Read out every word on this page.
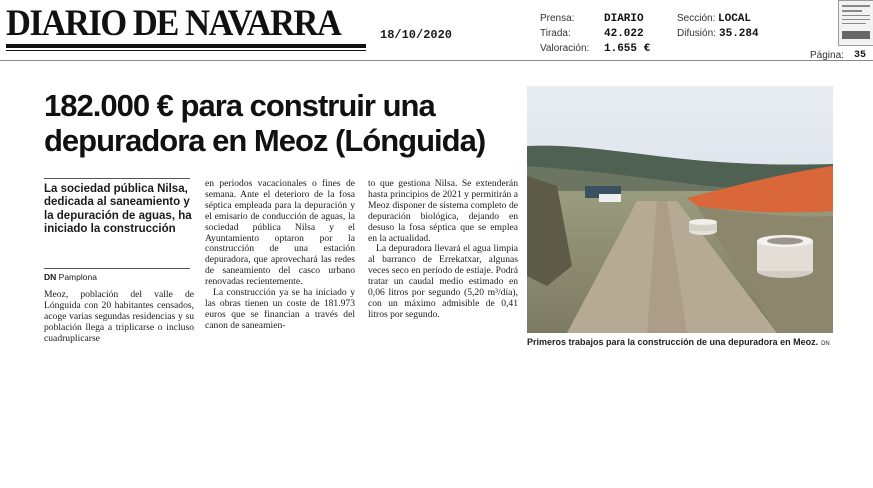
DIARIO DE NAVARRA	18/10/2020
Prensa:	DIARIO
Tirada:	42.022
Valoración: 1.655 €
Sección: LOCAL
Difusión: 35.284
Página: 35
182.000 € para construir una depuradora en Meoz (Lónguida)

La sociedad pública Nilsa, dedicada al saneamiento y la depuración de aguas, ha iniciado la construcción

DN Pamplona

Meoz, población del valle de Lónguida con 20 habitantes censados, acoge varias segundas residencias y su población llega a triplicarse o incluso cuadruplicarse

en periodos vacacionales o fines de semana. Ante el deterioro de la fosa séptica empleada para la depuración y el emisario de conducción de aguas, la sociedad pública Nilsa y el Ayuntamiento optaron por la construcción de una estación depuradora, que aprovechará las redes de saneamiento del casco urbano renovadas recientemente.

La construcción ya se ha iniciado y las obras tienen un coste de 181.973 euros que se financian a través del canon de saneamien-

to que gestiona Nilsa. Se extenderán hasta principios de 2021 y permitirán a Meoz disponer de sistema completo de depuración biológica, dejando en desuso la fosa séptica que se emplea en la actualidad.

La depuradora llevará el agua limpia al barranco de Errekatxar, algunas veces seco en período de estiaje. Podrá tratar un caudal medio estimado en 0,06 litros por segundo (5,20 m³/día), con un máximo admisible de 0,41 litros por segundo.

Primeros trabajos para la construcción de una depuradora en Meoz. DN
